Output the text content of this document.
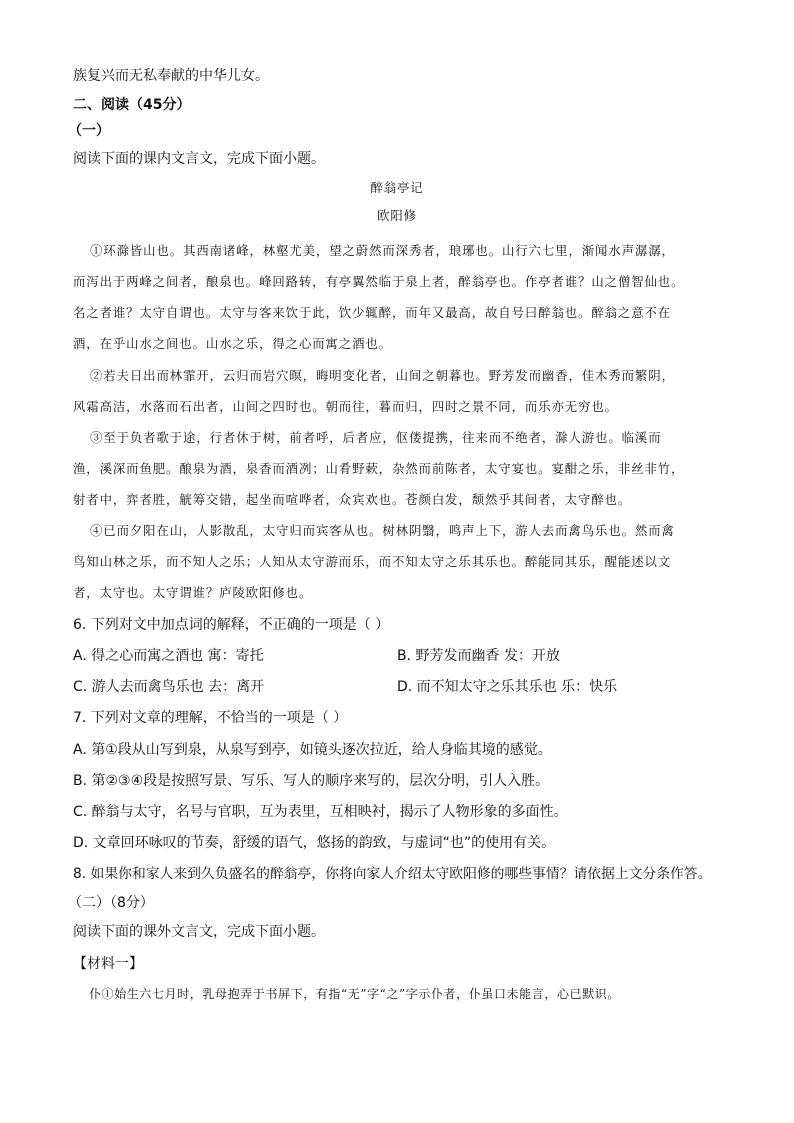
族复兴而无私奉献的中华儿女。
二、阅读（45分）
（一）
阅读下面的课内文言文，完成下面小题。
醉翁亭记
欧阳修
①环滁皆山也。其西南诸峰，林壑尤美，望之蔚然而深秀者，琅琊也。山行六七里，渐闻水声潺潺，
而泻出于两峰之间者，酿泉也。峰回路转，有亭翼然临于泉上者，醉翁亭也。作亭者谁？山之僧智仙也。
名之者谁？太守自谓也。太守与客来饮于此，饮少辄醉，而年又最高，故自号曰醉翁也。醉翁之意不在
酒，在乎山水之间也。山水之乐，得之心而寓之酒也。
②若夫日出而林霏开，云归而岩穴暝，晦明变化者，山间之朝暮也。野芳发而幽香，佳木秀而繁阴，
风霜高洁，水落而石出者，山间之四时也。朝而往，暮而归，四时之景不同，而乐亦无穷也。
③至于负者歌于途，行者休于树，前者呼，后者应，伛偻提携，往来而不绝者，滁人游也。临溪而
渔，溪深而鱼肥。酿泉为酒，泉香而酒冽；山肴野蔌，杂然而前陈者，太守宴也。宴酣之乐，非丝非竹，
射者中，弈者胜，觥筹交错，起坐而喧哗者，众宾欢也。苍颜白发，颓然乎其间者，太守醉也。
④已而夕阳在山，人影散乱，太守归而宾客从也。树林阴翳，鸣声上下，游人去而禽鸟乐也。然而禽
鸟知山林之乐，而不知人之乐；人知从太守游而乐，而不知太守之乐其乐也。醉能同其乐，醒能述以文
者，太守也。太守谓谁？庐陵欧阳修也。
6. 下列对文中加点词的解释，不正确的一项是（ ）
A. 得之心而寓之酒也 寓：寄托	B. 野芳发而幽香 发：开放
C. 游人去而禽鸟乐也 去：离开	D. 而不知太守之乐其乐也 乐：快乐
7. 下列对文章的理解，不恰当的一项是（ ）
A. 第①段从山写到泉，从泉写到亭，如镜头逐次拉近，给人身临其境的感觉。
B. 第②③④段是按照写景、写乐、写人的顺序来写的，层次分明，引人入胜。
C. 醉翁与太守，名号与官职，互为表里，互相映衬，揭示了人物形象的多面性。
D. 文章回环咏叹的节奏，舒缓的语气，悠扬的韵致，与虚词“也”的使用有关。
8. 如果你和家人来到久负盛名的醉翁亭，你将向家人介绍太守欧阳修的哪些事情？请依据上文分条作答。
（二）（8分）
阅读下面的课外文言文，完成下面小题。
【材料一】
仆①始生六七月时，乳母抱弄于书屏下，有指“无”字“之”字示仆者，仆虽口未能言，心已默识。
